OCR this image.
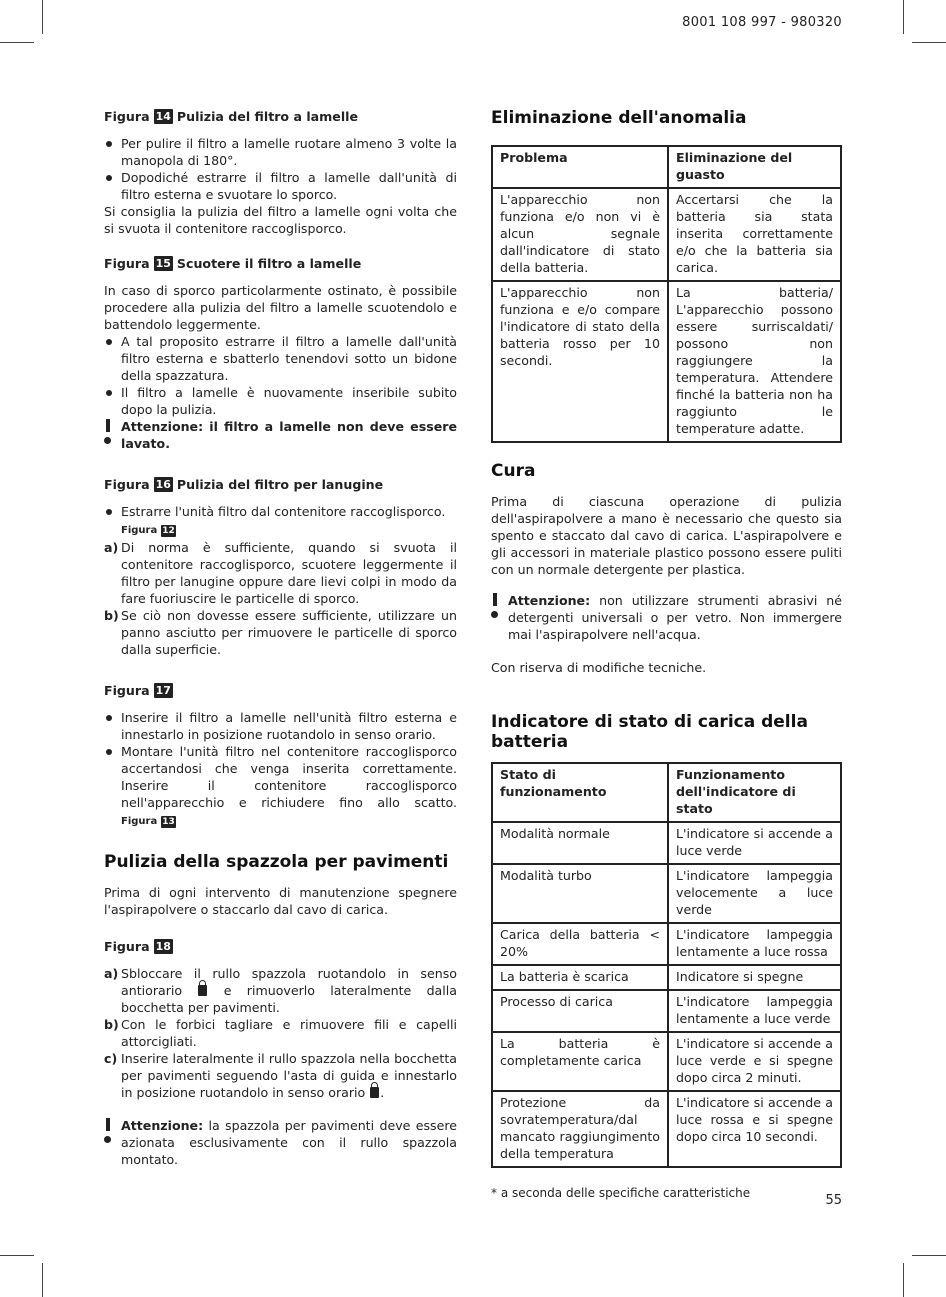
8001 108 997 - 980320
Figura 14 Pulizia del filtro a lamelle
Per pulire il filtro a lamelle ruotare almeno 3 volte la manopola di 180°.
Dopodiché estrarre il filtro a lamelle dall'unità di filtro esterna e svuotare lo sporco.

Si consiglia la pulizia del filtro a lamelle ogni volta che si svuota il contenitore raccoglisporco.

Figura 15 Scuotere il filtro a lamelle

In caso di sporco particolarmente ostinato, è possibile procedere alla pulizia del filtro a lamelle scuotendolo e battendolo leggermente.

A tal proposito estrarre il filtro a lamelle dall'unità filtro esterna e sbatterlo tenendovi sotto un bidone della spazzatura.
Il filtro a lamelle è nuovamente inseribile subito dopo la pulizia.
Attenzione: il filtro a lamelle non deve essere lavato.
Figura 16 Pulizia del filtro per lanugine
Estrarre l'unità filtro dal contenitore raccoglisporco.

Figura 12
a) Di norma è sufficiente, quando si svuota il contenitore raccoglisporco, scuotere leggermente il filtro per lanugine oppure dare lievi colpi in modo da fare fuoriuscire le particelle di sporco.
b) Se ciò non dovesse essere sufficiente, utilizzare un panno asciutto per rimuovere le particelle di sporco dalla superficie.
Figura 17
Inserire il filtro a lamelle nell'unità filtro esterna e innestarlo in posizione ruotandolo in senso orario.
Montare l'unità filtro nel contenitore raccoglisporco accertandosi che venga inserita correttamente. Inserire il contenitore raccoglisporco nell'apparecchio e richiudere fino allo scatto.
Figura 13
Pulizia della spazzola per pavimenti

Prima di ogni intervento di manutenzione spegnere l'aspirapolvere o staccarlo dal cavo di carica.

Figura 18
a) Sbloccare il rullo spazzola ruotandolo in senso antiorario  e rimuoverlo lateralmente dalla bocchetta per pavimenti.
b) Con le forbici tagliare e rimuovere fili e capelli attorcigliati.
c) Inserire lateralmente il rullo spazzola nella bocchetta per pavimenti seguendo l'asta di guida e innestarlo in posizione ruotandolo in senso orario .
Attenzione: la spazzola per pavimenti deve essere azionata esclusivamente con il rullo spazzola montato.
Eliminazione dell'anomalia
Problema	Eliminazione del guasto
L'apparecchio non funziona e/o non vi è alcun segnale dall'indicatore di stato della batteria.	Accertarsi che la batteria sia stata inserita correttamente e/o che la batteria sia carica.
L'apparecchio non funziona e e/o compare l'indicatore di stato della batteria rosso per 10 secondi.	La batteria/ L'apparecchio possono essere surriscaldati/ possono non raggiungere la temperatura. Attendere finché la batteria non ha raggiunto le temperature adatte.
Cura

Prima di ciascuna operazione di pulizia dell'aspirapolvere a mano è necessario che questo sia spento e staccato dal cavo di carica. L'aspirapolvere e gli accessori in materiale plastico possono essere puliti con un normale detergente per plastica.

Attenzione: non utilizzare strumenti abrasivi né detergenti universali o per vetro. Non immergere mai l'aspirapolvere nell'acqua.

Con riserva di modifiche tecniche.

Indicatore di stato di carica della batteria
Stato di funzionamento	Funzionamento dell'indicatore di stato
Modalità normale	L'indicatore si accende a luce verde
Modalità turbo	L'indicatore lampeggia velocemente a luce verde
Carica della batteria < 20%	L'indicatore lampeggia lentamente a luce rossa
La batteria è scarica	Indicatore si spegne
Processo di carica	L'indicatore lampeggia lentamente a luce verde
La batteria è completamente carica	L'indicatore si accende a luce verde e si spegne dopo circa 2 minuti.
Protezione da sovratemperatura/dal mancato raggiungimento della temperatura	L'indicatore si accende a luce rossa e si spegne dopo circa 10 secondi.
* a seconda delle specifiche caratteristiche	55
